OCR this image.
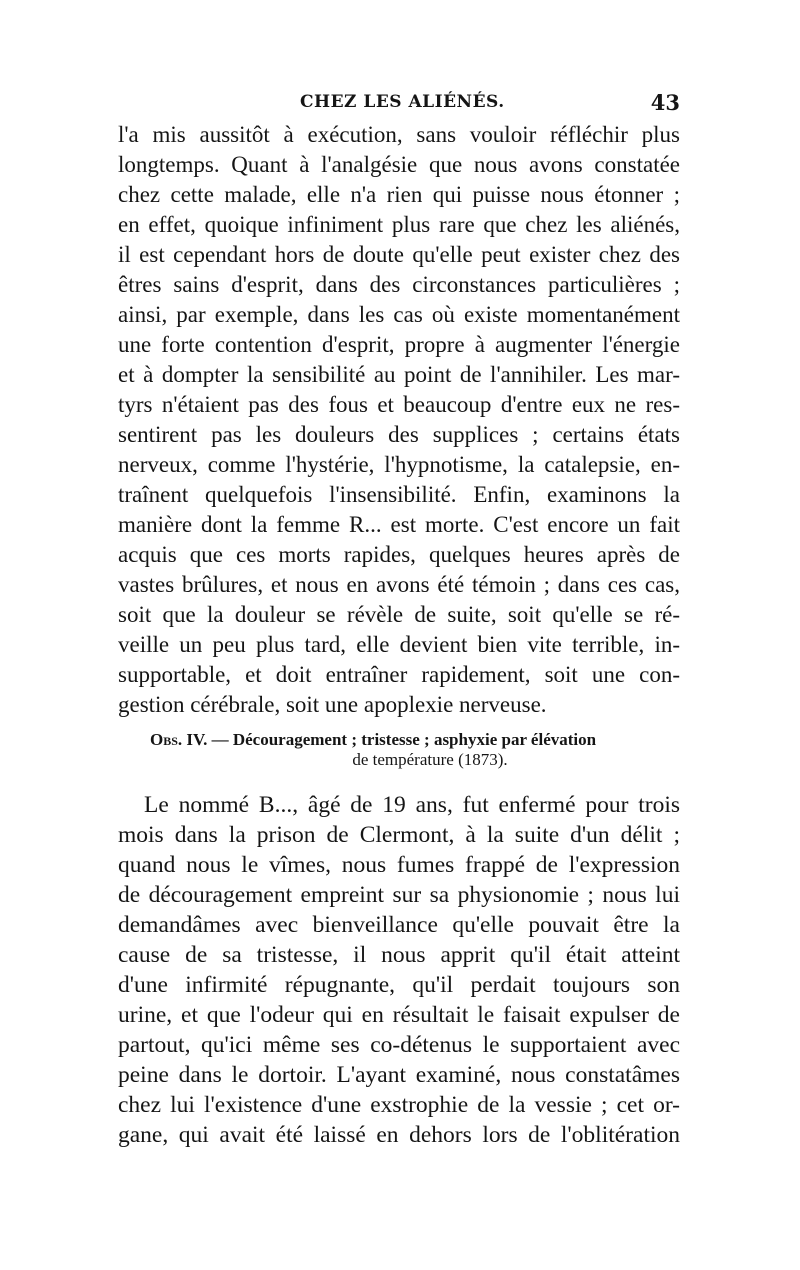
CHEZ LES ALIÉNÉS.	43
l'a mis aussitôt à exécution, sans vouloir réfléchir plus
longtemps. Quant à l'analgésie que nous avons constatée
chez cette malade, elle n'a rien qui puisse nous étonner ;
en effet, quoique infiniment plus rare que chez les aliénés,
il est cependant hors de doute qu'elle peut exister chez des
êtres sains d'esprit, dans des circonstances particulières ;
ainsi, par exemple, dans les cas où existe momentanément
une forte contention d'esprit, propre à augmenter l'énergie
et à dompter la sensibilité au point de l'annihiler. Les mar-
tyrs n'étaient pas des fous et beaucoup d'entre eux ne res-
sentirent pas les douleurs des supplices ; certains états
nerveux, comme l'hystérie, l'hypnotisme, la catalepsie, en-
traînent quelquefois l'insensibilité. Enfin, examinons la
manière dont la femme R... est morte. C'est encore un fait
acquis que ces morts rapides, quelques heures après de
vastes brûlures, et nous en avons été témoin ; dans ces cas,
soit que la douleur se révèle de suite, soit qu'elle se ré-
veille un peu plus tard, elle devient bien vite terrible, in-
supportable, et doit entraîner rapidement, soit une con-
gestion cérébrale, soit une apoplexie nerveuse.
Obs. IV. — Découragement ; tristesse ; asphyxie par élévation
de température (1873).
Le nommé B..., âgé de 19 ans, fut enfermé pour trois
mois dans la prison de Clermont, à la suite d'un délit ;
quand nous le vîmes, nous fumes frappé de l'expression
de découragement empreint sur sa physionomie ; nous lui
demandâmes avec bienveillance qu'elle pouvait être la
cause de sa tristesse, il nous apprit qu'il était atteint
d'une infirmité répugnante, qu'il perdait toujours son
urine, et que l'odeur qui en résultait le faisait expulser de
partout, qu'ici même ses co-détenus le supportaient avec
peine dans le dortoir. L'ayant examiné, nous constatâmes
chez lui l'existence d'une exstrophie de la vessie ; cet or-
gane, qui avait été laissé en dehors lors de l'oblitération
